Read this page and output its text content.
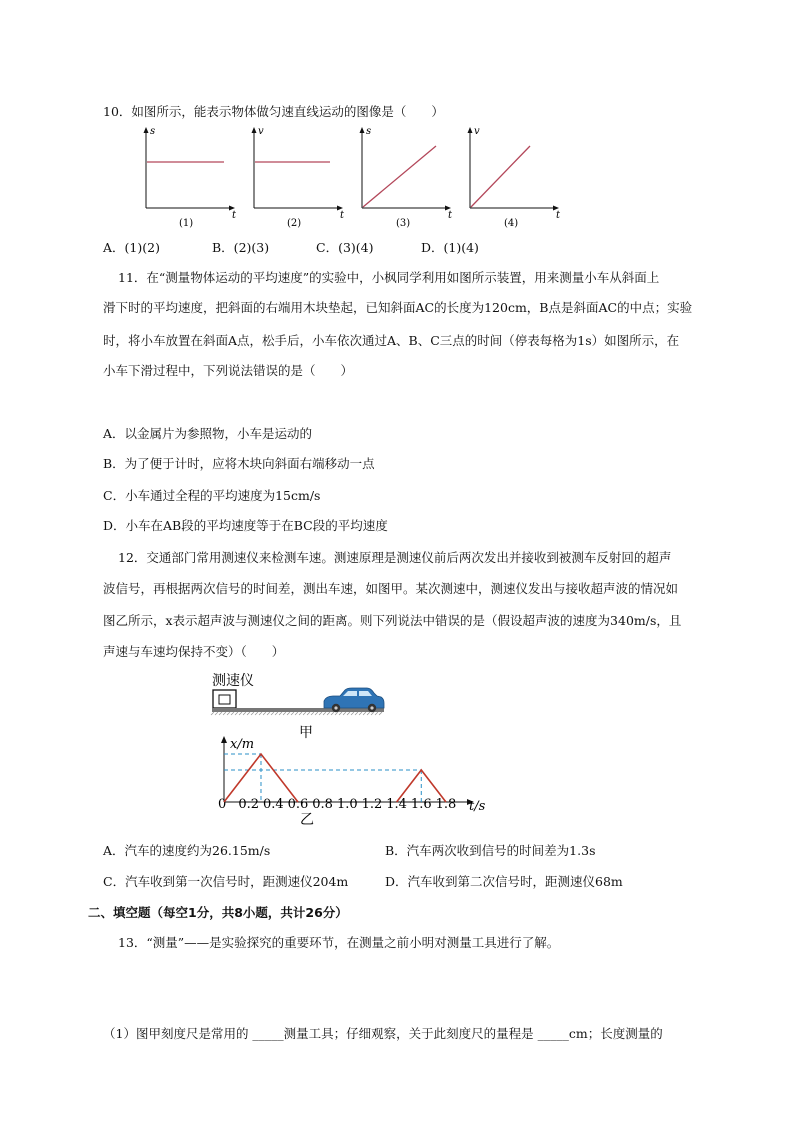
10．如图所示，能表示物体做匀速直线运动的图像是（　　）
s
t
(1)
v
t
(2)
s
t
(3)
v
t
(4)
A．(1)(2)	B．(2)(3)	C．(3)(4)	D．(1)(4)
11．在“测量物体运动的平均速度”的实验中，小枫同学利用如图所示装置，用来测量小车从斜面上
滑下时的平均速度，把斜面的右端用木块垫起，已知斜面AC的长度为120cm，B点是斜面AC的中点；实验
时，将小车放置在斜面A点，松手后，小车依次通过A、B、C三点的时间（停表每格为1s）如图所示，在
小车下滑过程中，下列说法错误的是（　　）
A．以金属片为参照物，小车是运动的
B．为了便于计时，应将木块向斜面右端移动一点
C．小车通过全程的平均速度为15cm/s
D．小车在AB段的平均速度等于在BC段的平均速度
12．交通部门常用测速仪来检测车速。测速原理是测速仪前后两次发出并接收到被测车反射回的超声
波信号，再根据两次信号的时间差，测出车速，如图甲。某次测速中，测速仪发出与接收超声波的情况如
图乙所示，x表示超声波与测速仪之间的距离。则下列说法中错误的是（假设超声波的速度为340m/s，且
声速与车速均保持不变）（　　）
测速仪
甲
x/m
t/s
0 0.2 0.4 0.6 0.8 1.0 1.2 1.4 1.6 1.8
乙
A．汽车的速度约为26.15m/s	B．汽车两次收到信号的时间差为1.3s
C．汽车收到第一次信号时，距测速仪204m	D．汽车收到第二次信号时，距测速仪68m
二、填空题（每空1分，共8小题，共计26分）
13．“测量”——是实验探究的重要环节，在测量之前小明对测量工具进行了解。
（1）图甲刻度尺是常用的 _____测量工具；仔细观察，关于此刻度尺的量程是 _____cm；长度测量的
